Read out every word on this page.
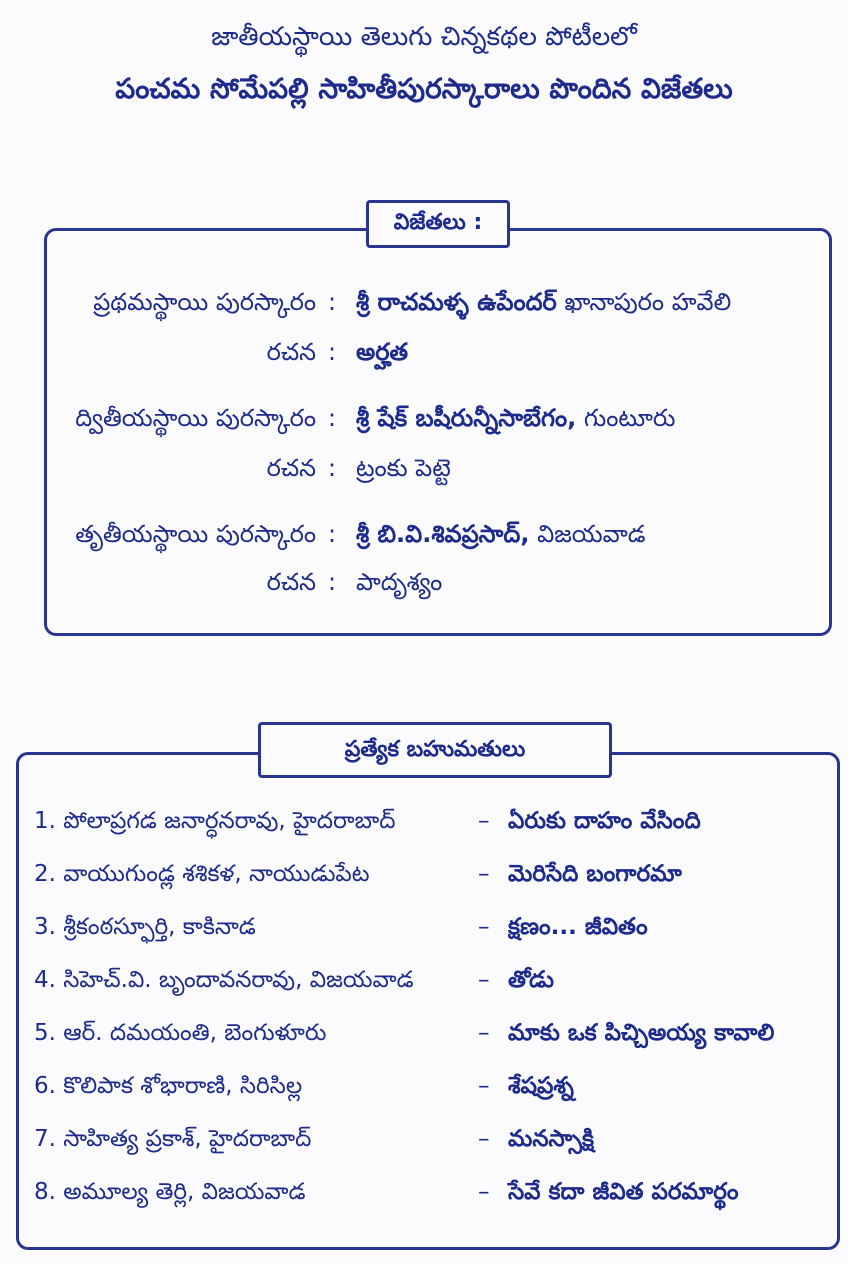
జాతీయస్థాయి తెలుగు చిన్నకథల పోటీలలో
పంచమ సోమేపల్లి సాహితీపురస్కారాలు పొందిన విజేతలు
విజేతలు :
ప్రథమస్థాయి పురస్కారం : శ్రీ రాచమళ్ళ ఉపేందర్ ఖానాపురం హవేలి
రచన : అర్హత
ద్వితీయస్థాయి పురస్కారం : శ్రీ షేక్ బషీరున్నీసాబేగం, గుంటూరు
రచన : ట్రంకు పెట్టె
తృతీయస్థాయి పురస్కారం : శ్రీ బి.వి.శివప్రసాద్, విజయవాడ
రచన : పాదృశ్యం
ప్రత్యేక బహుమతులు
1. పోలాప్రగడ జనార్ధనరావు, హైదరాబాద్	– ఏరుకు దాహం వేసింది
2. వాయుగుండ్ల శశికళ, నాయుడుపేట	– మెరిసేది బంగారమా
3. శ్రీకంఠస్ఫూర్తి, కాకినాడ	– క్షణం... జీవితం
4. సిహెచ్.వి. బృందావనరావు, విజయవాడ	– తోడు
5. ఆర్. దమయంతి, బెంగుళూరు	– మాకు ఒక పిచ్చిఅయ్య కావాలి
6. కొలిపాక శోభారాణి, సిరిసిల్ల	– శేషప్రశ్న
7. సాహిత్య ప్రకాశ్, హైదరాబాద్	– మనస్సాక్షి
8. అమూల్య తెర్లి, విజయవాడ	– సేవే కదా జీవిత పరమార్థం
